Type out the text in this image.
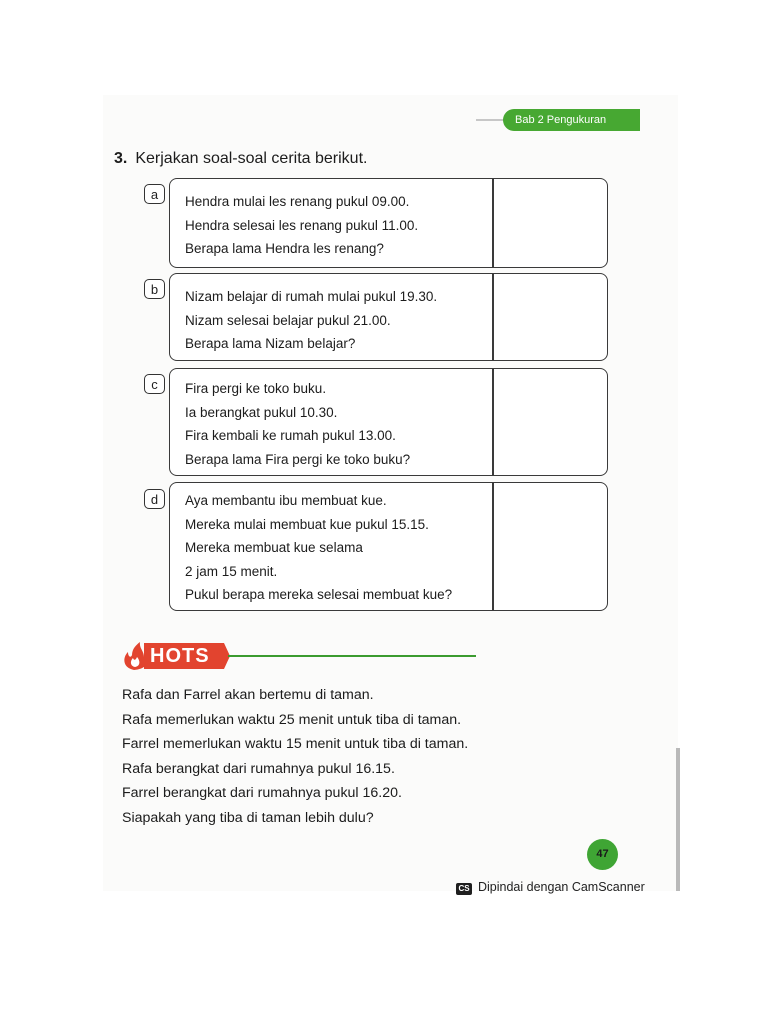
Bab 2 Pengukuran
3. Kerjakan soal-soal cerita berikut.
a	Hendra mulai les renang pukul 09.00.
Hendra selesai les renang pukul 11.00.
Berapa lama Hendra les renang?
b	Nizam belajar di rumah mulai pukul 19.30.
Nizam selesai belajar pukul 21.00.
Berapa lama Nizam belajar?
c	Fira pergi ke toko buku.
Ia berangkat pukul 10.30.
Fira kembali ke rumah pukul 13.00.
Berapa lama Fira pergi ke toko buku?
d	Aya membantu ibu membuat kue.
Mereka mulai membuat kue pukul 15.15.
Mereka membuat kue selama
2 jam 15 menit.
Pukul berapa mereka selesai membuat kue?
HOTS
Rafa dan Farrel akan bertemu di taman.
Rafa memerlukan waktu 25 menit untuk tiba di taman.
Farrel memerlukan waktu 15 menit untuk tiba di taman.
Rafa berangkat dari rumahnya pukul 16.15.
Farrel berangkat dari rumahnya pukul 16.20.
Siapakah yang tiba di taman lebih dulu?
47
CS Dipindai dengan CamScanner
